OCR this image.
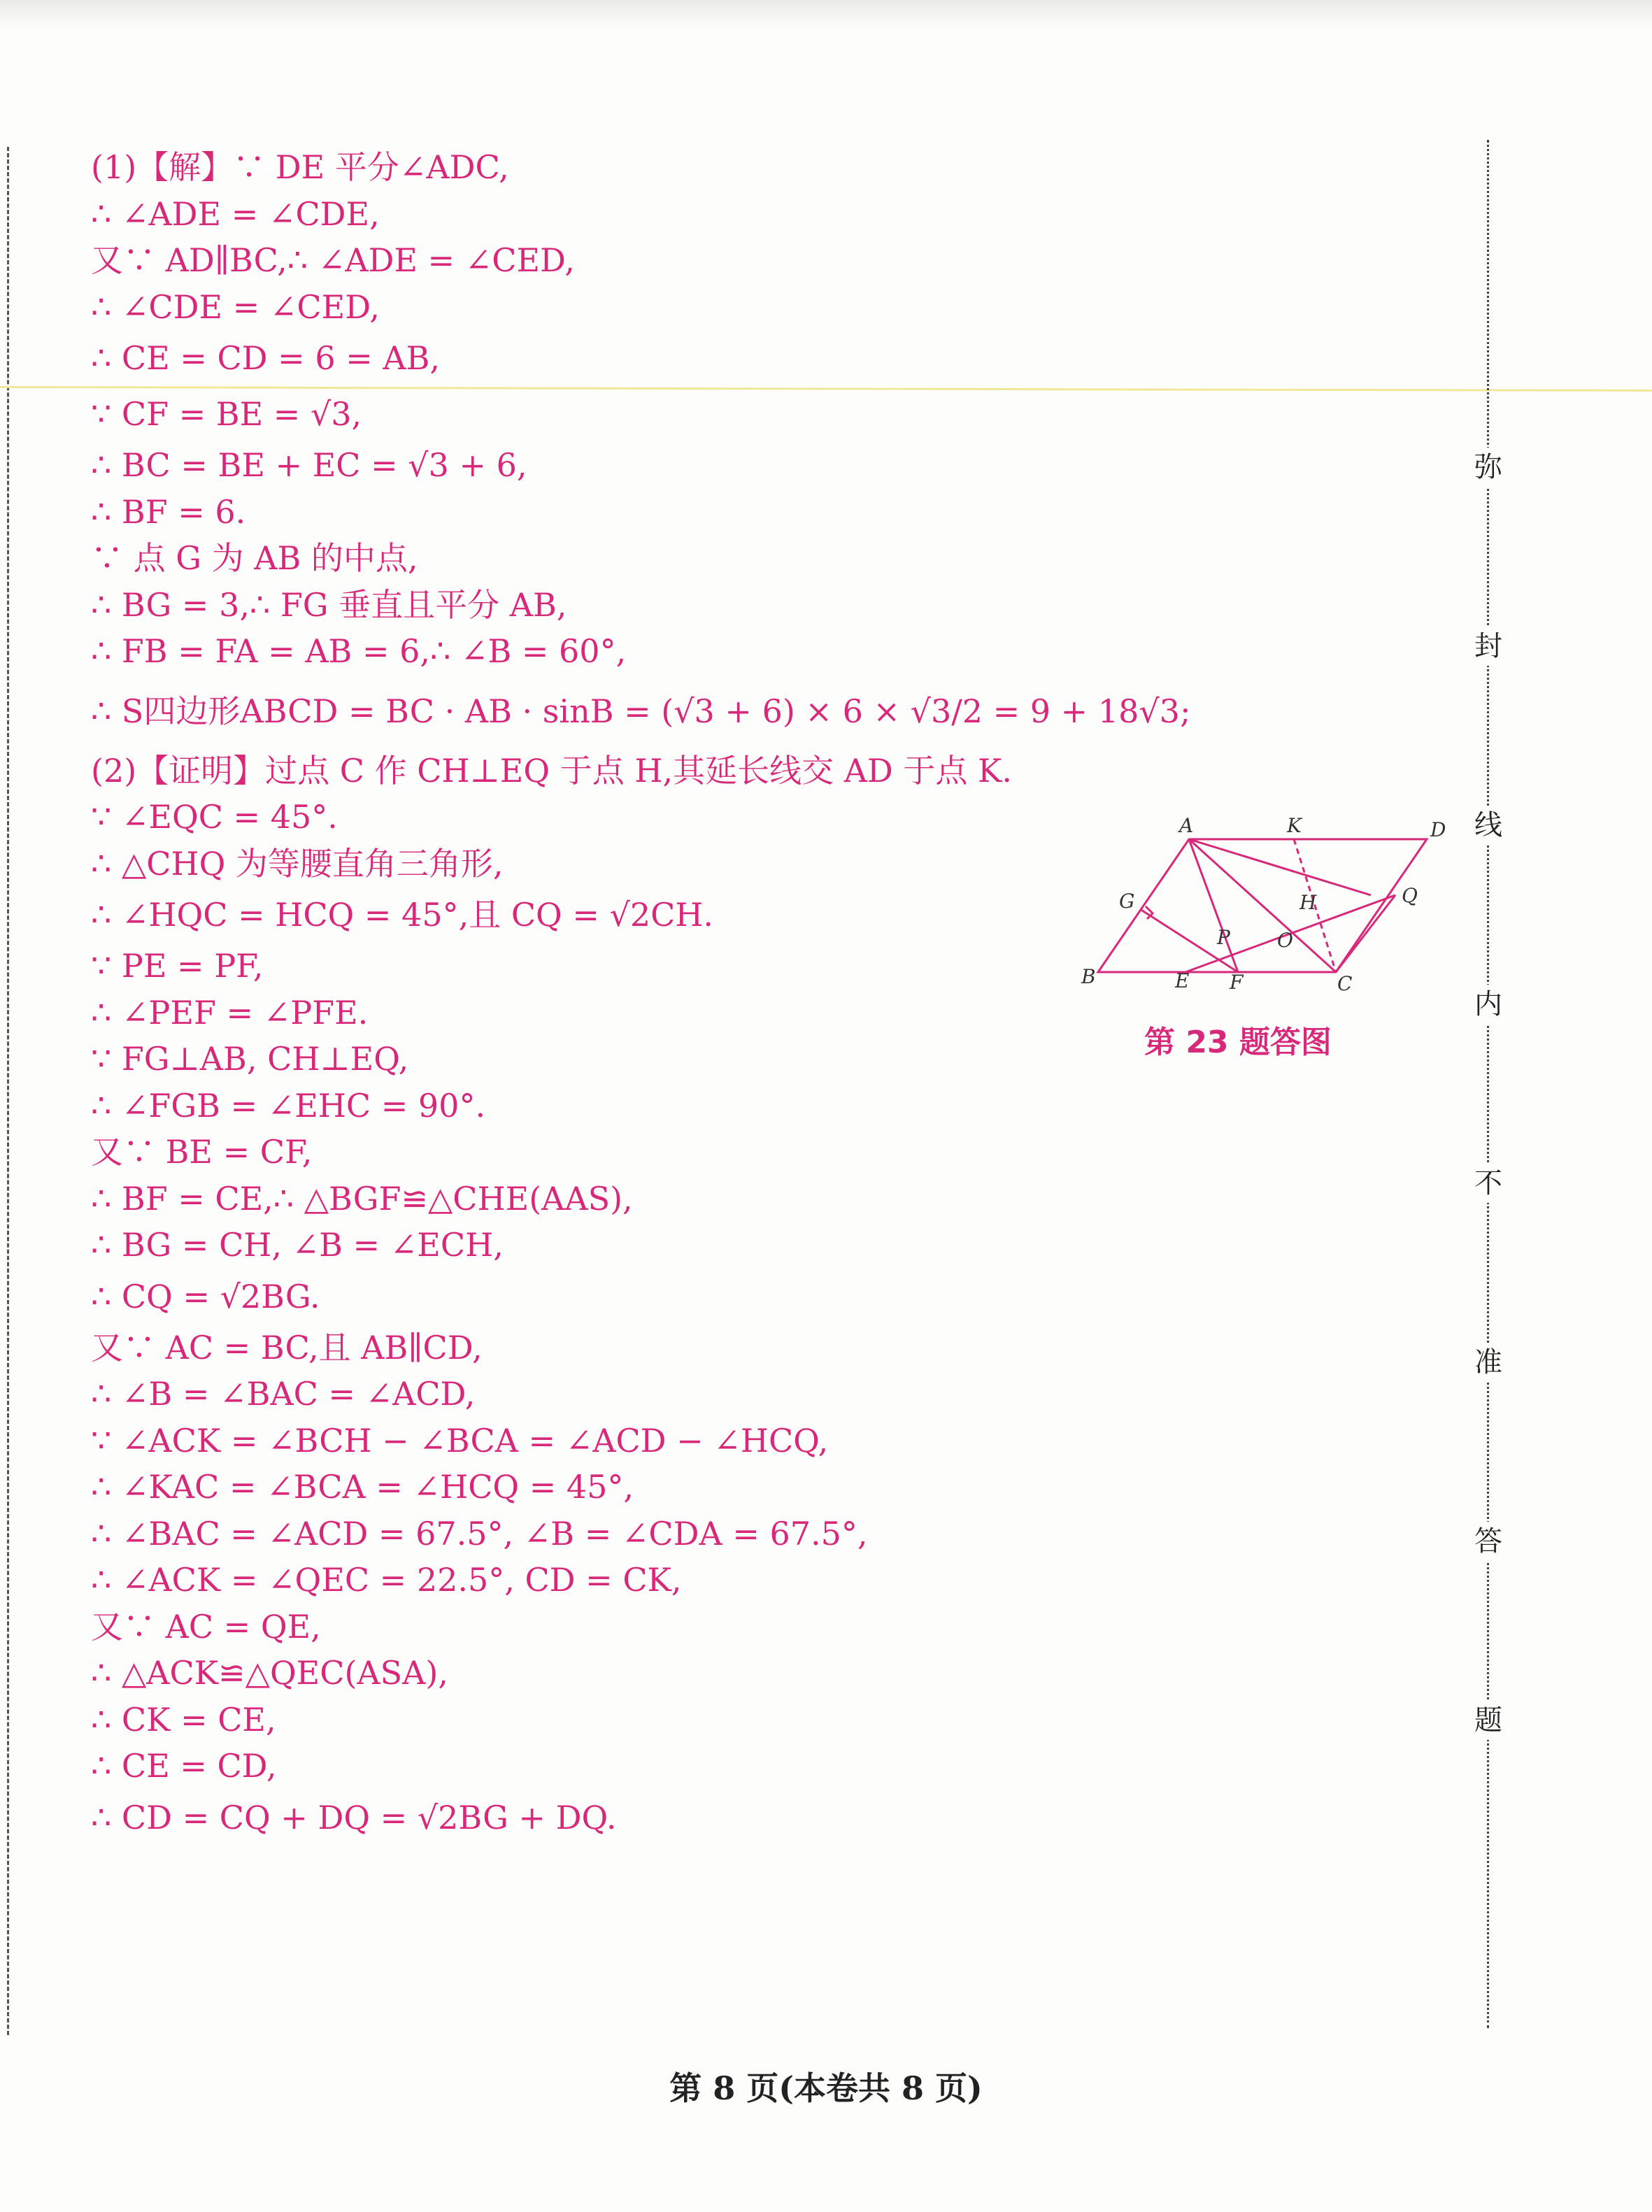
弥
封
线
内
不
准
答
题
(1)【解】∵ DE 平分∠ADC,
∴ ∠ADE = ∠CDE,
又∵ AD∥BC,∴ ∠ADE = ∠CED,
∴ ∠CDE = ∠CED,
∴ CE = CD = 6 = AB,
∵ CF = BE = √3,
∴ BC = BE + EC = √3 + 6,
∴ BF = 6.
∵ 点 G 为 AB 的中点,
∴ BG = 3,∴ FG 垂直且平分 AB,
∴ FB = FA = AB = 6,∴ ∠B = 60°,
∴ S四边形ABCD = BC · AB · sinB = (√3 + 6) × 6 × √3/2 = 9 + 18√3;
(2)【证明】过点 C 作 CH⊥EQ 于点 H,其延长线交 AD 于点 K.
∵ ∠EQC = 45°.
∴ △CHQ 为等腰直角三角形,
∴ ∠HQC = HCQ = 45°,且 CQ = √2CH.
∵ PE = PF,
∴ ∠PEF = ∠PFE.
∵ FG⊥AB, CH⊥EQ,
∴ ∠FGB = ∠EHC = 90°.
又∵ BE = CF,
∴ BF = CE,∴ △BGF≌△CHE(AAS),
∴ BG = CH, ∠B = ∠ECH,
∴ CQ = √2BG.
又∵ AC = BC,且 AB∥CD,
∴ ∠B = ∠BAC = ∠ACD,
∵ ∠ACK = ∠BCH − ∠BCA = ∠ACD − ∠HCQ,
∴ ∠KAC = ∠BCA = ∠HCQ = 45°,
∴ ∠BAC = ∠ACD = 67.5°, ∠B = ∠CDA = 67.5°,
∴ ∠ACK = ∠QEC = 22.5°, CD = CK,
又∵ AC = QE,
∴ △ACK≌△QEC(ASA),
∴ CK = CE,
∴ CE = CD,
∴ CD = CQ + DQ = √2BG + DQ.
A	K	D
G	H	Q
P O
B	E F	C
第 23 题答图
第 8 页(本卷共 8 页)
